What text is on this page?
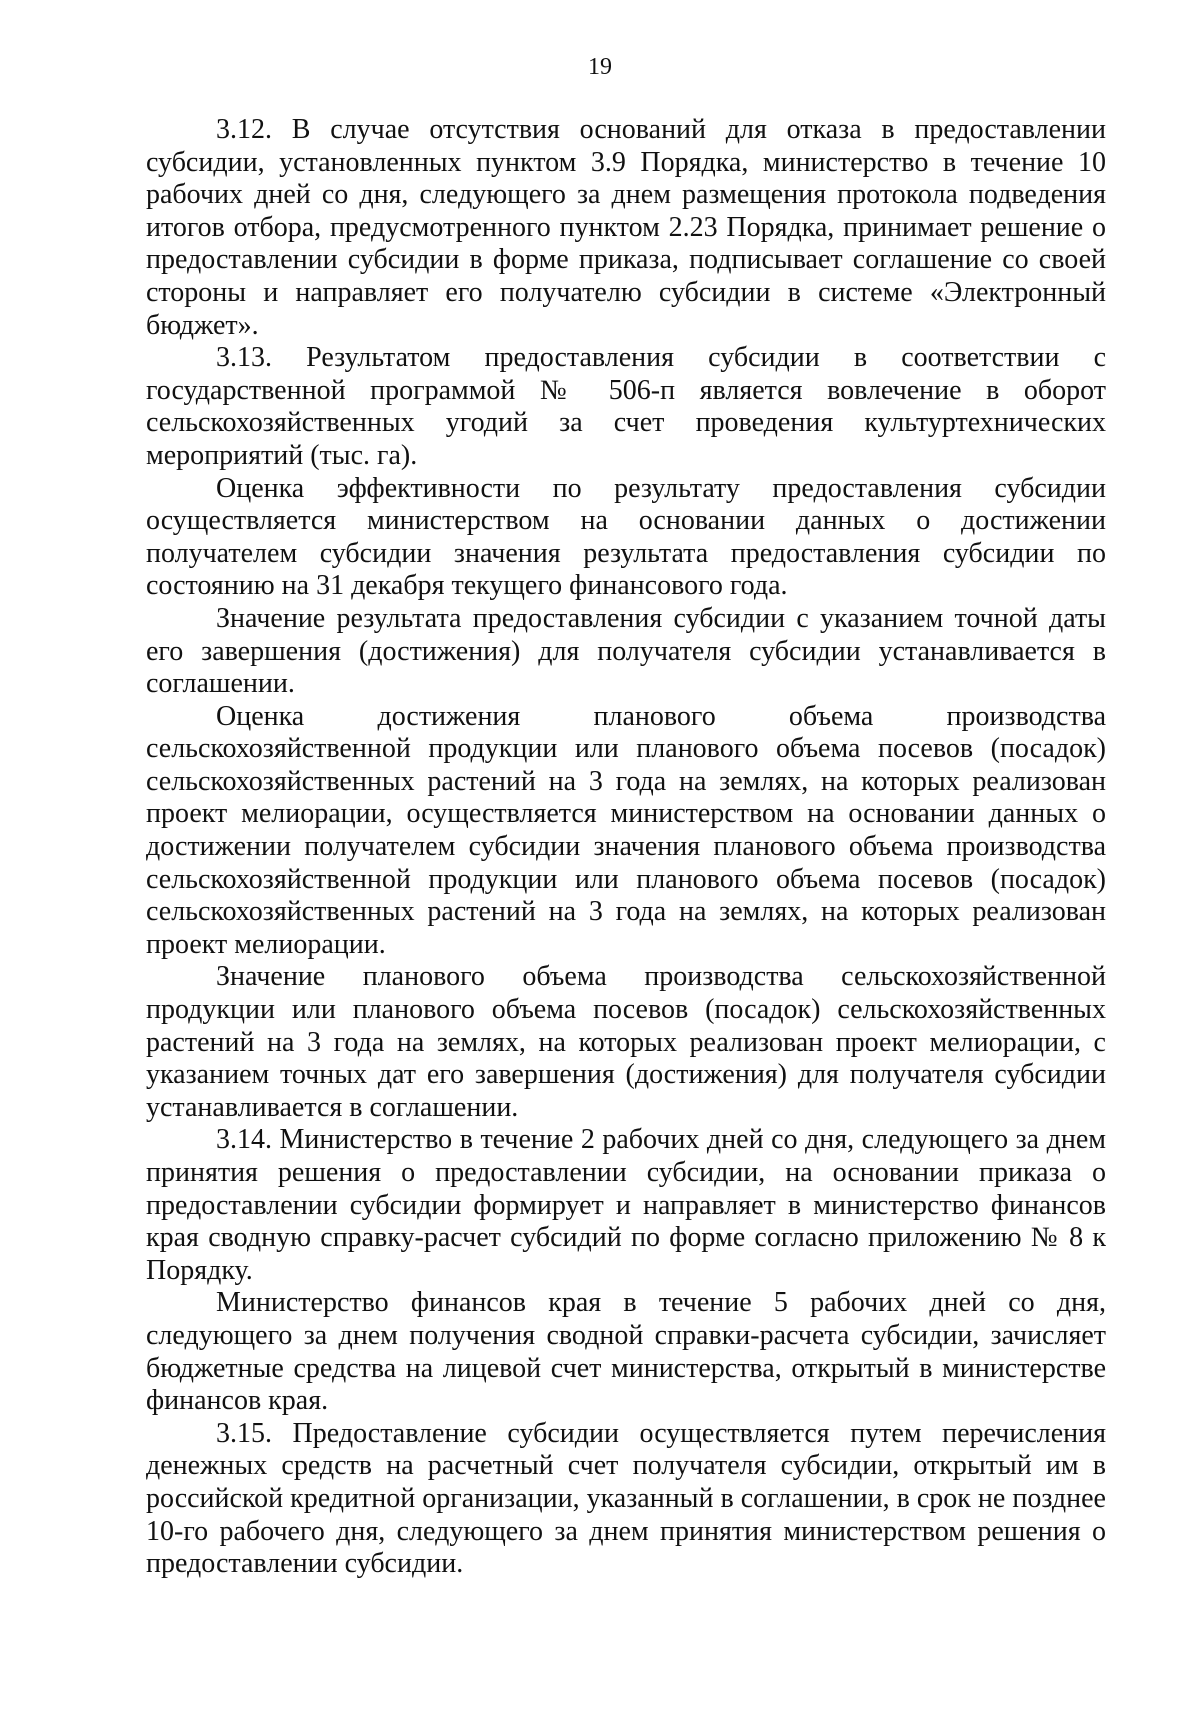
19

3.12. В случае отсутствия оснований для отказа в предоставлении субсидии, установленных пунктом 3.9 Порядка, министерство в течение 10 рабочих дней со дня, следующего за днем размещения протокола подведения итогов отбора, предусмотренного пунктом 2.23 Порядка, принимает решение о предоставлении субсидии в форме приказа, подписывает соглашение со своей стороны и направляет его получателю субсидии в системе «Электронный бюджет».

3.13. Результатом предоставления субсидии в соответствии с государственной программой № 506-п является вовлечение в оборот сельскохозяйственных угодий за счет проведения культуртехнических мероприятий (тыс. га).

Оценка эффективности по результату предоставления субсидии осуществляется министерством на основании данных о достижении получателем субсидии значения результата предоставления субсидии по состоянию на 31 декабря текущего финансового года.

Значение результата предоставления субсидии с указанием точной даты его завершения (достижения) для получателя субсидии устанавливается в соглашении.

Оценка достижения планового объема производства сельскохозяйственной продукции или планового объема посевов (посадок) сельскохозяйственных растений на 3 года на землях, на которых реализован проект мелиорации, осуществляется министерством на основании данных о достижении получателем субсидии значения планового объема производства сельскохозяйственной продукции или планового объема посевов (посадок) сельскохозяйственных растений на 3 года на землях, на которых реализован проект мелиорации.

Значение планового объема производства сельскохозяйственной продукции или планового объема посевов (посадок) сельскохозяйственных растений на 3 года на землях, на которых реализован проект мелиорации, с указанием точных дат его завершения (достижения) для получателя субсидии устанавливается в соглашении.

3.14. Министерство в течение 2 рабочих дней со дня, следующего за днем принятия решения о предоставлении субсидии, на основании приказа о предоставлении субсидии формирует и направляет в министерство финансов края сводную справку-расчет субсидий по форме согласно приложению № 8 к Порядку.

Министерство финансов края в течение 5 рабочих дней со дня, следующего за днем получения сводной справки-расчета субсидии, зачисляет бюджетные средства на лицевой счет министерства, открытый в министерстве финансов края.

3.15. Предоставление субсидии осуществляется путем перечисления денежных средств на расчетный счет получателя субсидии, открытый им в российской кредитной организации, указанный в соглашении, в срок не позднее 10-го рабочего дня, следующего за днем принятия министерством решения о предоставлении субсидии.
